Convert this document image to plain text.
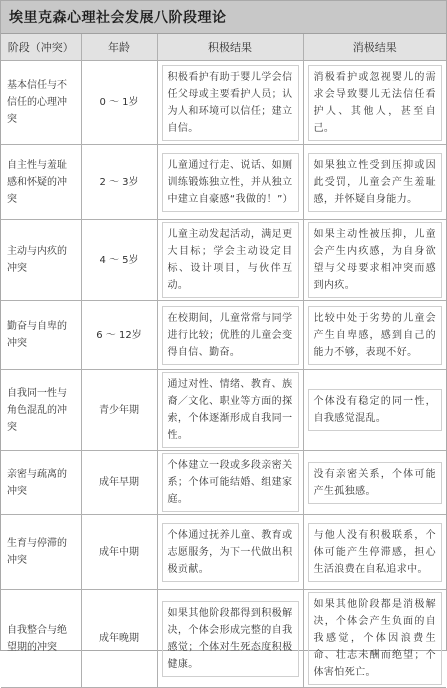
埃里克森心理社会发展八阶段理论
阶段（冲突）	年龄	积极结果	消极结果
基本信任与不信任的心理冲突	0 ～ 1岁	积极看护有助于婴儿学会信任父母或主要看护人员；认为人和环境可以信任；建立自信。	消极看护或忽视婴儿的需求会导致婴儿无法信任看护人、其他人，甚至自己。

自主性与羞耻感和怀疑的冲突	2 ～ 3岁	儿童通过行走、说话、如厕训练锻炼独立性，并从独立中建立自豪感“我做的！”）	如果独立性受到压抑或因此受罚，儿童会产生羞耻感，并怀疑自身能力。

主动与内疚的冲突	4 ～ 5岁	儿童主动发起活动，满足更大目标；学会主动设定目标、设计项目，与伙伴互动。	如果主动性被压抑，儿童会产生内疚感，为自身欲望与父母要求相冲突而感到内疚。

勤奋与自卑的冲突	6 ～ 12岁	在校期间，儿童常常与同学进行比较；优胜的儿童会变得自信、勤奋。	比较中处于劣势的儿童会产生自卑感，感到自己的能力不够，表现不好。

自我同一性与角色混乱的冲突	青少年期	通过对性、情绪、教育、族裔／文化、职业等方面的探索，个体逐渐形成自我同一性。	个体没有稳定的同一性，自我感觉混乱。

亲密与疏离的冲突	成年早期	个体建立一段或多段亲密关系；个体可能结婚、组建家庭。	没有亲密关系，个体可能产生孤独感。

生育与停滞的冲突	成年中期	个体通过抚养儿童、教育或志愿服务，为下一代做出积极贡献。	与他人没有积极联系，个体可能产生停滞感，担心生活浪费在自私追求中。

自我整合与绝望期的冲突	成年晚期	如果其他阶段都得到积极解决，个体会形成完整的自我感觉；个体对生死态度积极健康。	如果其他阶段都是消极解决，个体会产生负面的自我感觉，个体因浪费生命、壮志未酬而绝望；个体害怕死亡。
